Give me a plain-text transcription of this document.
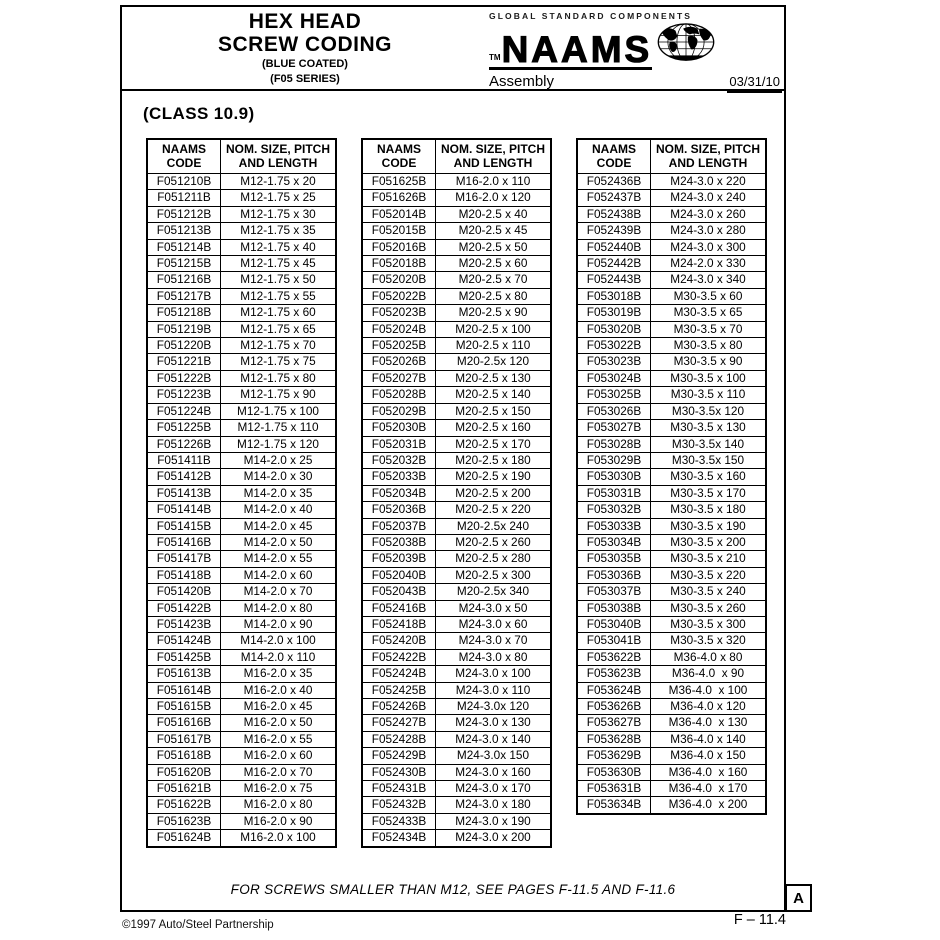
HEX HEAD
SCREW CODING
(BLUE COATED)
(F05 SERIES)
GLOBAL STANDARD COMPONENTS
TM NAAMS
Assembly	03/31/10
(CLASS 10.9)
NAAMS CODE	NOM. SIZE, PITCH AND LENGTH
F051210B	M12-1.75 x 20
F051211B	M12-1.75 x 25
F051212B	M12-1.75 x 30
F051213B	M12-1.75 x 35
F051214B	M12-1.75 x 40
F051215B	M12-1.75 x 45
F051216B	M12-1.75 x 50
F051217B	M12-1.75 x 55
F051218B	M12-1.75 x 60
F051219B	M12-1.75 x 65
F051220B	M12-1.75 x 70
F051221B	M12-1.75 x 75
F051222B	M12-1.75 x 80
F051223B	M12-1.75 x 90
F051224B	M12-1.75 x 100
F051225B	M12-1.75 x 110
F051226B	M12-1.75 x 120
F051411B	M14-2.0 x 25
F051412B	M14-2.0 x 30
F051413B	M14-2.0 x 35
F051414B	M14-2.0 x 40
F051415B	M14-2.0 x 45
F051416B	M14-2.0 x 50
F051417B	M14-2.0 x 55
F051418B	M14-2.0 x 60
F051420B	M14-2.0 x 70
F051422B	M14-2.0 x 80
F051423B	M14-2.0 x 90
F051424B	M14-2.0 x 100
F051425B	M14-2.0 x 110
F051613B	M16-2.0 x 35
F051614B	M16-2.0 x 40
F051615B	M16-2.0 x 45
F051616B	M16-2.0 x 50
F051617B	M16-2.0 x 55
F051618B	M16-2.0 x 60
F051620B	M16-2.0 x 70
F051621B	M16-2.0 x 75
F051622B	M16-2.0 x 80
F051623B	M16-2.0 x 90
F051624B	M16-2.0 x 100
NAAMS CODE	NOM. SIZE, PITCH AND LENGTH
F051625B	M16-2.0 x 110
F051626B	M16-2.0 x 120
F052014B	M20-2.5 x 40
F052015B	M20-2.5 x 45
F052016B	M20-2.5 x 50
F052018B	M20-2.5 x 60
F052020B	M20-2.5 x 70
F052022B	M20-2.5 x 80
F052023B	M20-2.5 x 90
F052024B	M20-2.5 x 100
F052025B	M20-2.5 x 110
F052026B	M20-2.5x 120
F052027B	M20-2.5 x 130
F052028B	M20-2.5 x 140
F052029B	M20-2.5 x 150
F052030B	M20-2.5 x 160
F052031B	M20-2.5 x 170
F052032B	M20-2.5 x 180
F052033B	M20-2.5 x 190
F052034B	M20-2.5 x 200
F052036B	M20-2.5 x 220
F052037B	M20-2.5x 240
F052038B	M20-2.5 x 260
F052039B	M20-2.5 x 280
F052040B	M20-2.5 x 300
F052043B	M20-2.5x 340
F052416B	M24-3.0 x 50
F052418B	M24-3.0 x 60
F052420B	M24-3.0 x 70
F052422B	M24-3.0 x 80
F052424B	M24-3.0 x 100
F052425B	M24-3.0 x 110
F052426B	M24-3.0x 120
F052427B	M24-3.0 x 130
F052428B	M24-3.0 x 140
F052429B	M24-3.0x 150
F052430B	M24-3.0 x 160
F052431B	M24-3.0 x 170
F052432B	M24-3.0 x 180
F052433B	M24-3.0 x 190
F052434B	M24-3.0 x 200
NAAMS CODE	NOM. SIZE, PITCH AND LENGTH
F052436B	M24-3.0 x 220
F052437B	M24-3.0 x 240
F052438B	M24-3.0 x 260
F052439B	M24-3.0 x 280
F052440B	M24-3.0 x 300
F052442B	M24-2.0 x 330
F052443B	M24-3.0 x 340
F053018B	M30-3.5 x 60
F053019B	M30-3.5 x 65
F053020B	M30-3.5 x 70
F053022B	M30-3.5 x 80
F053023B	M30-3.5 x 90
F053024B	M30-3.5 x 100
F053025B	M30-3.5 x 110
F053026B	M30-3.5x 120
F053027B	M30-3.5 x 130
F053028B	M30-3.5x 140
F053029B	M30-3.5x 150
F053030B	M30-3.5 x 160
F053031B	M30-3.5 x 170
F053032B	M30-3.5 x 180
F053033B	M30-3.5 x 190
F053034B	M30-3.5 x 200
F053035B	M30-3.5 x 210
F053036B	M30-3.5 x 220
F053037B	M30-3.5 x 240
F053038B	M30-3.5 x 260
F053040B	M30-3.5 x 300
F053041B	M30-3.5 x 320
F053622B	M36-4.0 x 80
F053623B	M36-4.0  x 90
F053624B	M36-4.0  x 100
F053626B	M36-4.0 x 120
F053627B	M36-4.0  x 130
F053628B	M36-4.0 x 140
F053629B	M36-4.0 x 150
F053630B	M36-4.0  x 160
F053631B	M36-4.0  x 170
F053634B	M36-4.0  x 200
FOR SCREWS SMALLER THAN M12, SEE PAGES F-11.5 AND F-11.6	A
©1997 Auto/Steel Partnership	F – 11.4
